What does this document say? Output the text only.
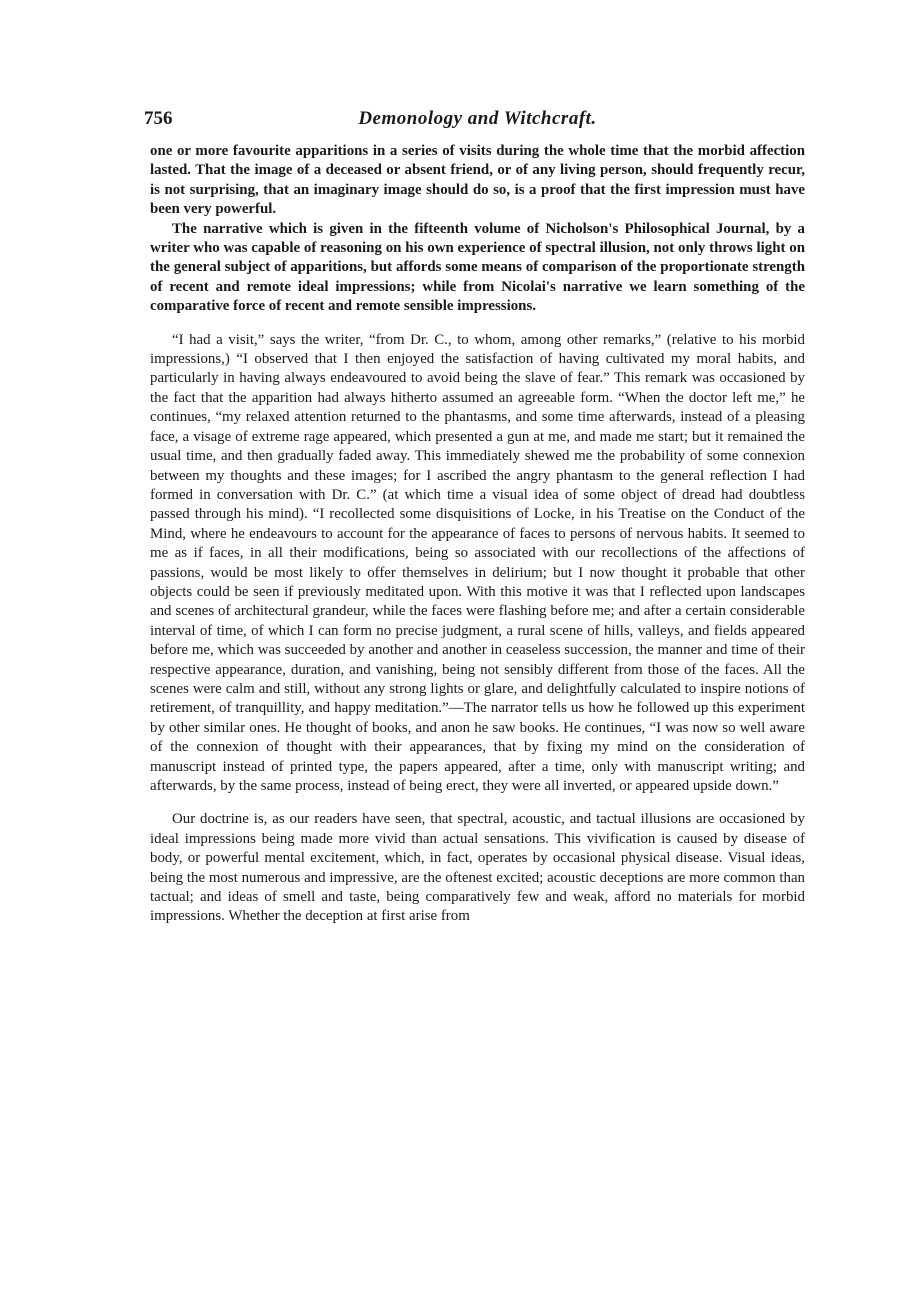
756	Demonology and Witchcraft.

one or more favourite apparitions in a series of visits during the whole time that the morbid affection lasted. That the image of a deceased or absent friend, or of any living person, should frequently recur, is not surprising, that an imaginary image should do so, is a proof that the first impression must have been very powerful.

The narrative which is given in the fifteenth volume of Nicholson's Philosophical Journal, by a writer who was capable of reasoning on his own experience of spectral illusion, not only throws light on the general subject of apparitions, but affords some means of comparison of the proportionate strength of recent and remote ideal impressions; while from Nicolai's narrative we learn something of the comparative force of recent and remote sensible impressions.

“I had a visit,” says the writer, “from Dr. C., to whom, among other remarks,” (relative to his morbid impressions,) “I observed that I then enjoyed the satisfaction of having cultivated my moral habits, and particularly in having always endeavoured to avoid being the slave of fear.” This remark was occasioned by the fact that the apparition had always hitherto assumed an agreeable form. “When the doctor left me,” he continues, “my relaxed attention returned to the phantasms, and some time afterwards, instead of a pleasing face, a visage of extreme rage appeared, which presented a gun at me, and made me start; but it remained the usual time, and then gradually faded away. This immediately shewed me the probability of some connexion between my thoughts and these images; for I ascribed the angry phantasm to the general reflection I had formed in conversation with Dr. C.” (at which time a visual idea of some object of dread had doubtless passed through his mind). “I recollected some disquisitions of Locke, in his Treatise on the Conduct of the Mind, where he endeavours to account for the appearance of faces to persons of nervous habits. It seemed to me as if faces, in all their modifications, being so associated with our recollections of the affections of passions, would be most likely to offer themselves in delirium; but I now thought it probable that other objects could be seen if previously meditated upon. With this motive it was that I reflected upon landscapes and scenes of architectural grandeur, while the faces were flashing before me; and after a certain considerable interval of time, of which I can form no precise judgment, a rural scene of hills, valleys, and fields appeared before me, which was succeeded by another and another in ceaseless succession, the manner and time of their respective appearance, duration, and vanishing, being not sensibly different from those of the faces. All the scenes were calm and still, without any strong lights or glare, and delightfully calculated to inspire notions of retirement, of tranquillity, and happy meditation.”—The narrator tells us how he followed up this experiment by other similar ones. He thought of books, and anon he saw books. He continues, “I was now so well aware of the connexion of thought with their appearances, that by fixing my mind on the consideration of manuscript instead of printed type, the papers appeared, after a time, only with manuscript writing; and afterwards, by the same process, instead of being erect, they were all inverted, or appeared upside down.”

Our doctrine is, as our readers have seen, that spectral, acoustic, and tactual illusions are occasioned by ideal impressions being made more vivid than actual sensations. This vivification is caused by disease of body, or powerful mental excitement, which, in fact, operates by occasional physical disease. Visual ideas, being the most numerous and impressive, are the oftenest excited; acoustic deceptions are more common than tactual; and ideas of smell and taste, being comparatively few and weak, afford no materials for morbid impressions. Whether the deception at first arise from
